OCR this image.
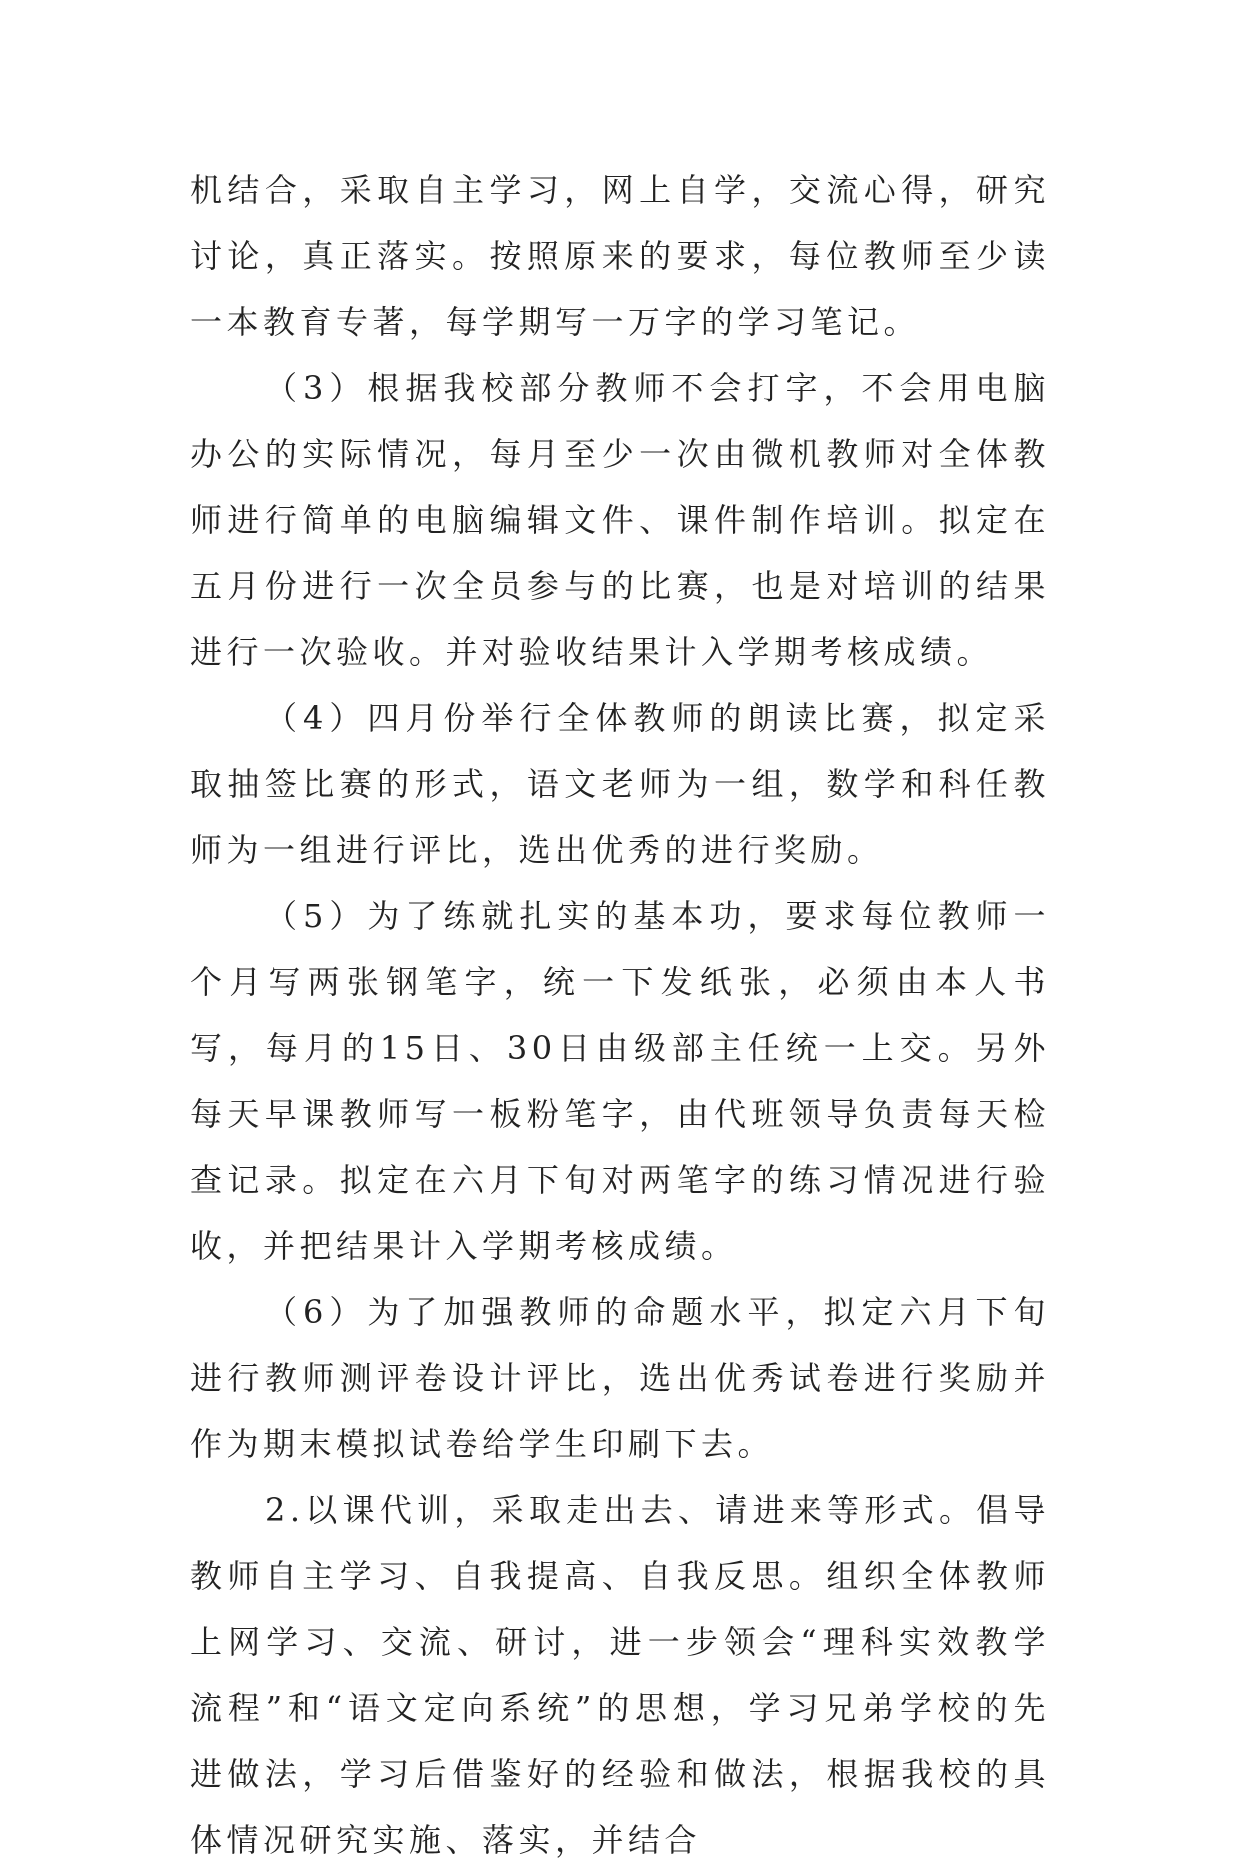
机结合，采取自主学习，网上自学，交流心得，研究讨论，真正落实。按照原来的要求，每位教师至少读一本教育专著，每学期写一万字的学习笔记。

（3）根据我校部分教师不会打字，不会用电脑办公的实际情况，每月至少一次由微机教师对全体教师进行简单的电脑编辑文件、课件制作培训。拟定在五月份进行一次全员参与的比赛，也是对培训的结果进行一次验收。并对验收结果计入学期考核成绩。

（4）四月份举行全体教师的朗读比赛，拟定采取抽签比赛的形式，语文老师为一组，数学和科任教师为一组进行评比，选出优秀的进行奖励。

（5）为了练就扎实的基本功，要求每位教师一个月写两张钢笔字，统一下发纸张，必须由本人书写，每月的15日、30日由级部主任统一上交。另外每天早课教师写一板粉笔字，由代班领导负责每天检查记录。拟定在六月下旬对两笔字的练习情况进行验收，并把结果计入学期考核成绩。

（6）为了加强教师的命题水平，拟定六月下旬进行教师测评卷设计评比，选出优秀试卷进行奖励并作为期末模拟试卷给学生印刷下去。

2.以课代训，采取走出去、请进来等形式。倡导教师自主学习、自我提高、自我反思。组织全体教师上网学习、交流、研讨，进一步领会“理科实效教学流程”和“语文定向系统”的思想，学习兄弟学校的先进做法，学习后借鉴好的经验和做法，根据我校的具体情况研究实施、落实，并结合
